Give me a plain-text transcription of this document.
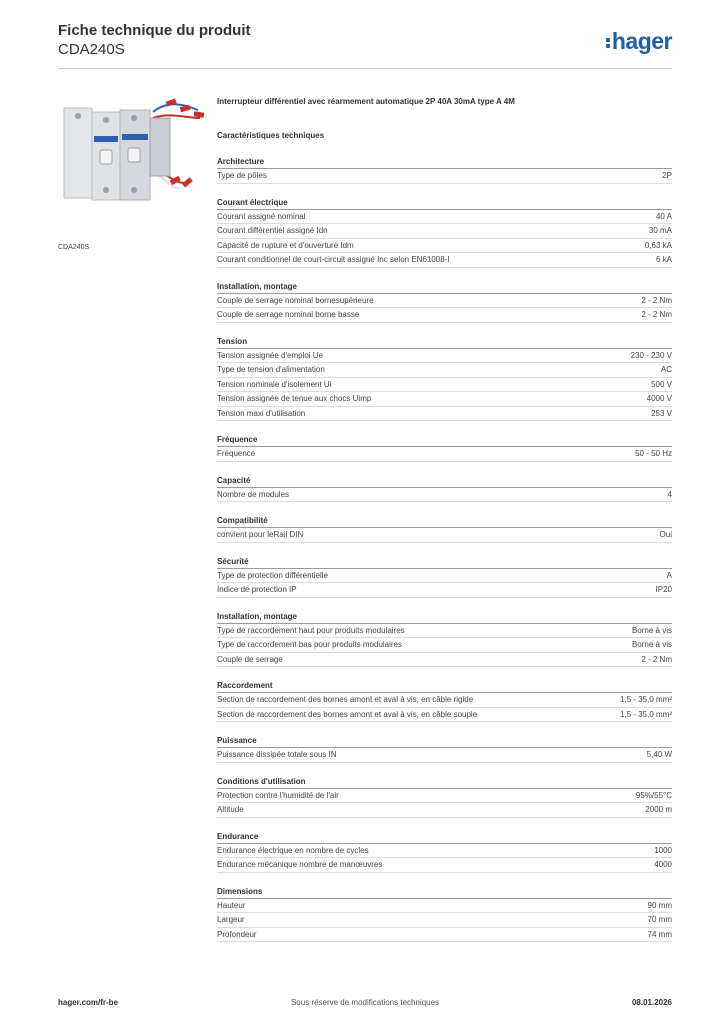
Fiche technique du produit
CDA240S	hager
CDA240S
Interrupteur différentiel avec réarmement automatique 2P 40A 30mA type A 4M
Caractéristiques techniques
Architecture
Type de pôles	2P
Courant électrique
Courant assigné nominal	40 A
Courant différentiel assigné Idn	30 mA
Capacité de rupture et d'ouverture Idm	0,63 kA
Courant conditionnel de court-circuit assigné Inc selon EN61008-I	6 kA
Installation, montage
Couple de serrage nominal bornesupérieure	2 - 2 Nm
Couple de serrage nominal borne basse	2 - 2 Nm
Tension
Tension assignée d'emploi Ue	230 - 230 V
Type de tension d'alimentation	AC
Tension nominale d'isolement Ui	500 V
Tension assignée de tenue aux chocs Uimp	4000 V
Tension maxi d'utilisation	253 V
Fréquence
Fréquence	50 - 50 Hz
Capacité
Nombre de modules	4
Compatibilité
convient pour leRail DIN	Oui
Sécurité
Type de protection différentielle	A
Indice de protection IP	IP20
Installation, montage
Type de raccordement haut pour produits modulaires	Borne à vis
Type de raccordement bas pour produits modulaires	Borne à vis
Couple de serrage	2 - 2 Nm
Raccordement
Section de raccordement des bornes amont et aval à vis, en câble rigide	1,5 - 35,0 mm²
Section de raccordement des bornes amont et aval à vis, en câble souple	1,5 - 35,0 mm²
Puissance
Puissance dissipée totale sous IN	5,40 W
Conditions d'utilisation
Protection contre l'humidité de l'air	95%/55°C
Altitude	2000 m
Endurance
Endurance électrique en nombre de cycles	1000
Endurance mécanique nombre de manœuvres	4000
Dimensions
Hauteur	90 mm
Largeur	70 mm
Profondeur	74 mm
Sous réserve de modifications techniques
hager.com/fr-be	08.01.2026
